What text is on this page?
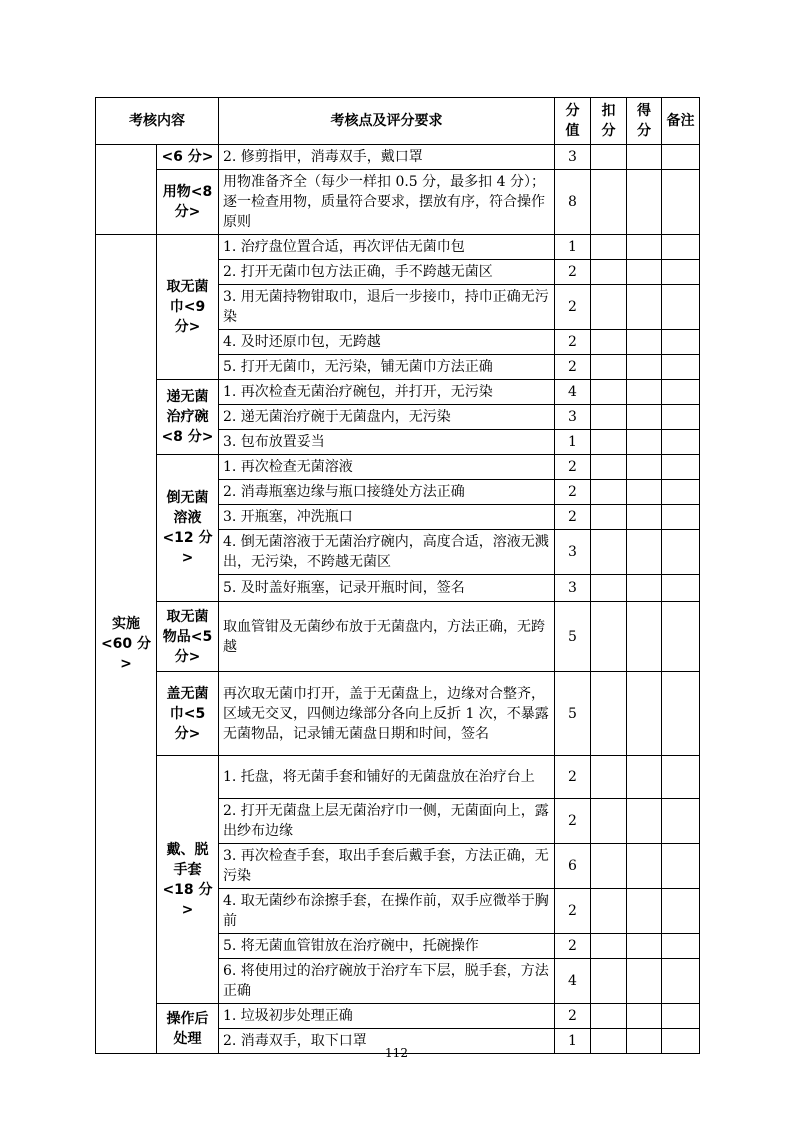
考核内容		考核点及评分要求	分值	扣分	得分	备注
	<6 分>	2. 修剪指甲，消毒双手，戴口罩	3			
	用物<8 分>	用物准备齐全（每少一样扣 0.5 分，最多扣 4 分）；逐一检查用物，质量符合要求，摆放有序，符合操作原则	8			
实施<60 分>	取无菌巾<9 分>	1. 治疗盘位置合适，再次评估无菌巾包	1			
		2. 打开无菌巾包方法正确，手不跨越无菌区	2			
		3. 用无菌持物钳取巾，退后一步接巾，持巾正确无污染	2			
		4. 及时还原巾包，无跨越	2			
		5. 打开无菌巾，无污染，铺无菌巾方法正确	2			
	递无菌治疗碗<8 分>	1. 再次检查无菌治疗碗包，并打开，无污染	4			
		2. 递无菌治疗碗于无菌盘内，无污染	3			
		3. 包布放置妥当	1			
	倒无菌溶液<12 分>	1. 再次检查无菌溶液	2			
		2. 消毒瓶塞边缘与瓶口接缝处方法正确	2			
		3. 开瓶塞，冲洗瓶口	2			
		4. 倒无菌溶液于无菌治疗碗内，高度合适，溶液无溅出，无污染，不跨越无菌区	3			
		5. 及时盖好瓶塞，记录开瓶时间，签名	3			
	取无菌物品<5 分>	取血管钳及无菌纱布放于无菌盘内，方法正确，无跨越	5			
	盖无菌巾<5 分>	再次取无菌巾打开，盖于无菌盘上，边缘对合整齐，区域无交叉，四侧边缘部分各向上反折 1 次，不暴露无菌物品，记录铺无菌盘日期和时间，签名	5			
	戴、脱手套<18 分>	1. 托盘，将无菌手套和铺好的无菌盘放在治疗台上	2			
		2. 打开无菌盘上层无菌治疗巾一侧，无菌面向上，露出纱布边缘	2			
		3. 再次检查手套，取出手套后戴手套，方法正确，无污染	6			
		4. 取无菌纱布涂擦手套，在操作前，双手应微举于胸前	2			
		5. 将无菌血管钳放在治疗碗中，托碗操作	2			
		6. 将使用过的治疗碗放于治疗车下层，脱手套，方法正确	4			
	操作后处理	1. 垃圾初步处理正确	2			
		2. 消毒双手，取下口罩	1			
112
